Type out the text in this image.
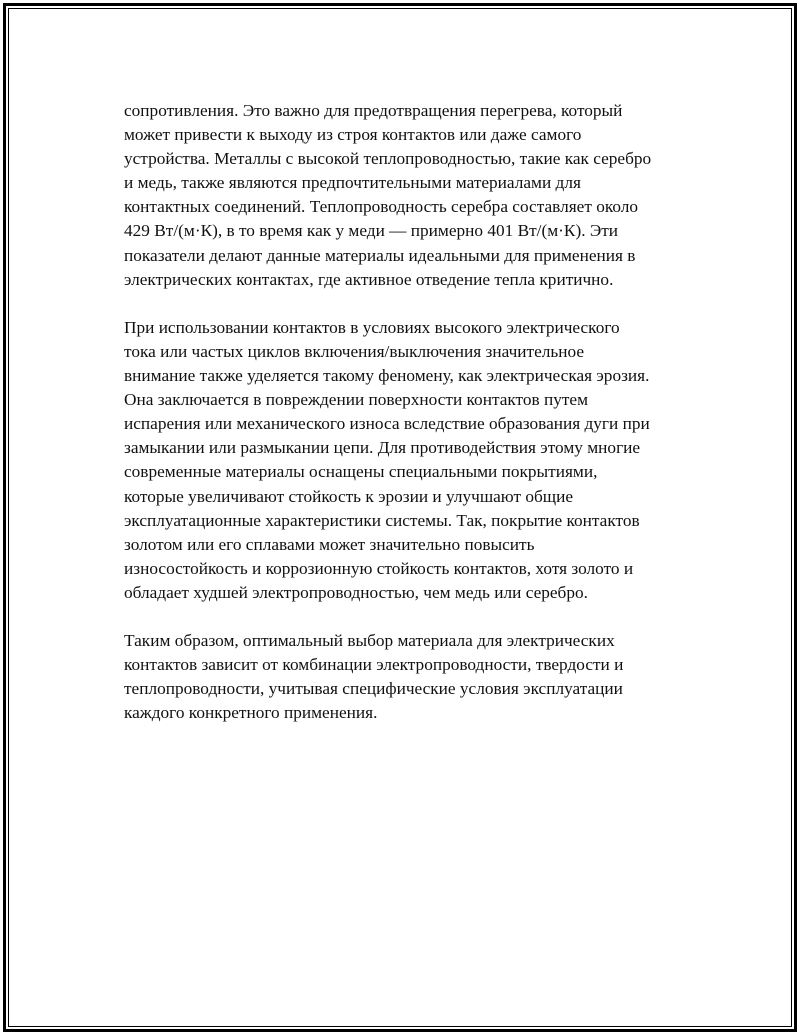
сопротивления. Это важно для предотвращения перегрева, который
может привести к выходу из строя контактов или даже самого
устройства. Металлы с высокой теплопроводностью, такие как серебро
и медь, также являются предпочтительными материалами для
контактных соединений. Теплопроводность серебра составляет около
429 Вт/(м·К), в то время как у меди — примерно 401 Вт/(м·К). Эти
показатели делают данные материалы идеальными для применения в
электрических контактах, где активное отведение тепла критично.

При использовании контактов в условиях высокого электрического
тока или частых циклов включения/выключения значительное
внимание также уделяется такому феномену, как электрическая эрозия.
Она заключается в повреждении поверхности контактов путем
испарения или механического износа вследствие образования дуги при
замыкании или размыкании цепи. Для противодействия этому многие
современные материалы оснащены специальными покрытиями,
которые увеличивают стойкость к эрозии и улучшают общие
эксплуатационные характеристики системы. Так, покрытие контактов
золотом или его сплавами может значительно повысить
износостойкость и коррозионную стойкость контактов, хотя золото и
обладает худшей электропроводностью, чем медь или серебро.

Таким образом, оптимальный выбор материала для электрических
контактов зависит от комбинации электропроводности, твердости и
теплопроводности, учитывая специфические условия эксплуатации
каждого конкретного применения.
